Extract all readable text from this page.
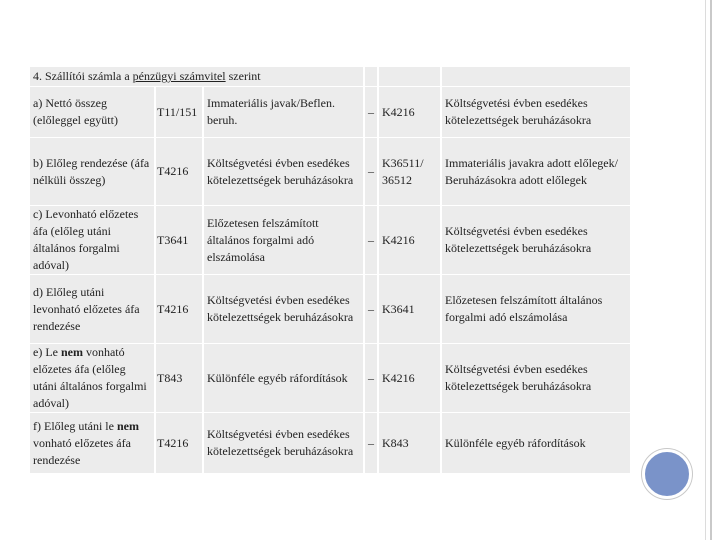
4. Szállítói számla a pénzügyi számvitel szerint					
a) Nettó összeg (előleggel együtt)	T11/151	Immateriális javak/Beflen. beruh.	–	K4216	Költségvetési évben esedékes kötelezettségek beruházásokra
b) Előleg rendezése (áfa nélküli összeg)	T4216	Költségvetési évben esedékes kötelezettségek beruházásokra	–	K36511/ 36512	Immateriális javakra adott előlegek/ Beruházásokra adott előlegek
c) Levonható előzetes áfa (előleg utáni általános forgalmi adóval)	T3641	Előzetesen felszámított általános forgalmi adó elszámolása	–	K4216	Költségvetési évben esedékes kötelezettségek beruházásokra
d) Előleg utáni levonható előzetes áfa rendezése	T4216	Költségvetési évben esedékes kötelezettségek beruházásokra	–	K3641	Előzetesen felszámított általános forgalmi adó elszámolása
e) Le nem vonható előzetes áfa (előleg utáni általános forgalmi adóval)	T843	Különféle egyéb ráfordítások	–	K4216	Költségvetési évben esedékes kötelezettségek beruházásokra
f) Előleg utáni le nem vonható előzetes áfa rendezése	T4216	Költségvetési évben esedékes kötelezettségek beruházásokra	–	K843	Különféle egyéb ráfordítások
